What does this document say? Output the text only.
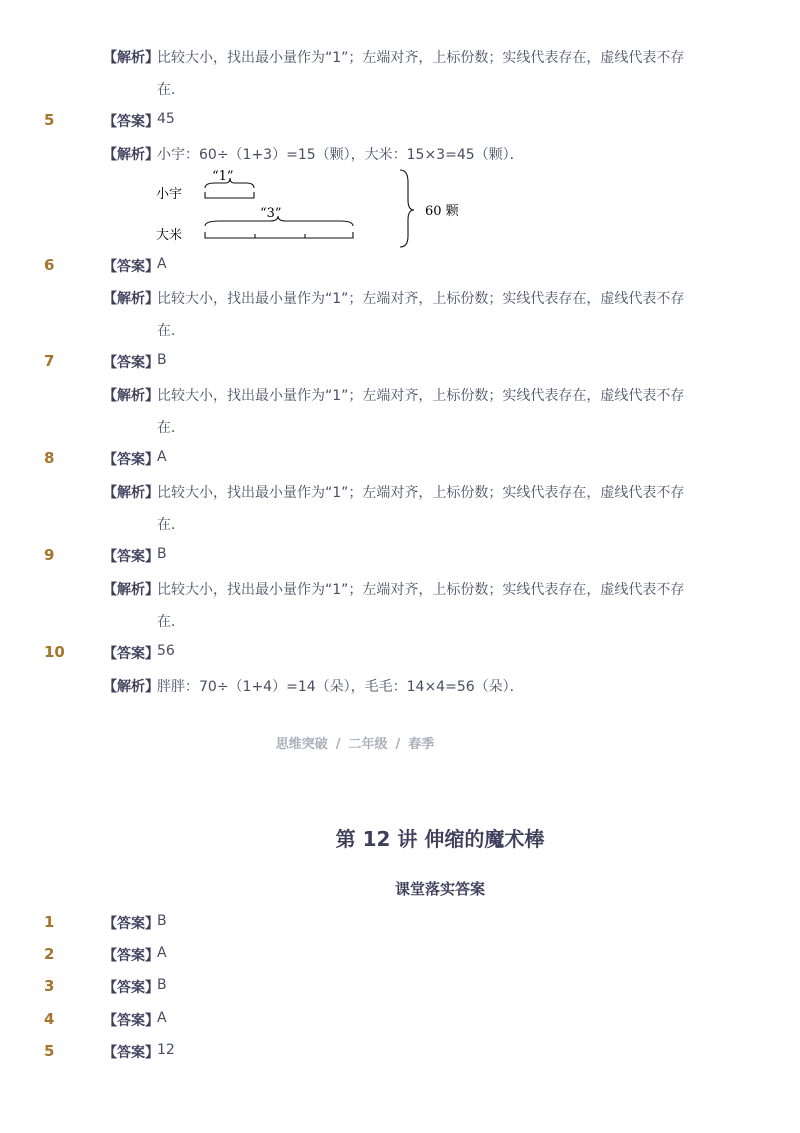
【解析】
比较大小，找出最小量作为“1”；左端对齐，上标份数；实线代表存在，虚线代表不存
在．
5	【答案】
45
【解析】
小宇：60÷（1+3）=15（颗），大米：15×3=45（颗）．
小宇
大米
“1”
“3”	60 颗
6	【答案】
A
【解析】
比较大小，找出最小量作为“1”；左端对齐，上标份数；实线代表存在，虚线代表不存
在．
7	【答案】
B
【解析】
比较大小，找出最小量作为“1”；左端对齐，上标份数；实线代表存在，虚线代表不存
在．
8	【答案】
A
【解析】
比较大小，找出最小量作为“1”；左端对齐，上标份数；实线代表存在，虚线代表不存
在．
9	【答案】
B
【解析】
比较大小，找出最小量作为“1”；左端对齐，上标份数；实线代表存在，虚线代表不存
在．
10	【答案】
56
【解析】
胖胖：70÷（1+4）=14（朵），毛毛：14×4=56（朵）．
思维突破 / 二年级 / 春季
第 12 讲 伸缩的魔术棒
课堂落实答案
1	【答案】
B
2	【答案】
A
3	【答案】
B
4	【答案】
A
5	【答案】
12
